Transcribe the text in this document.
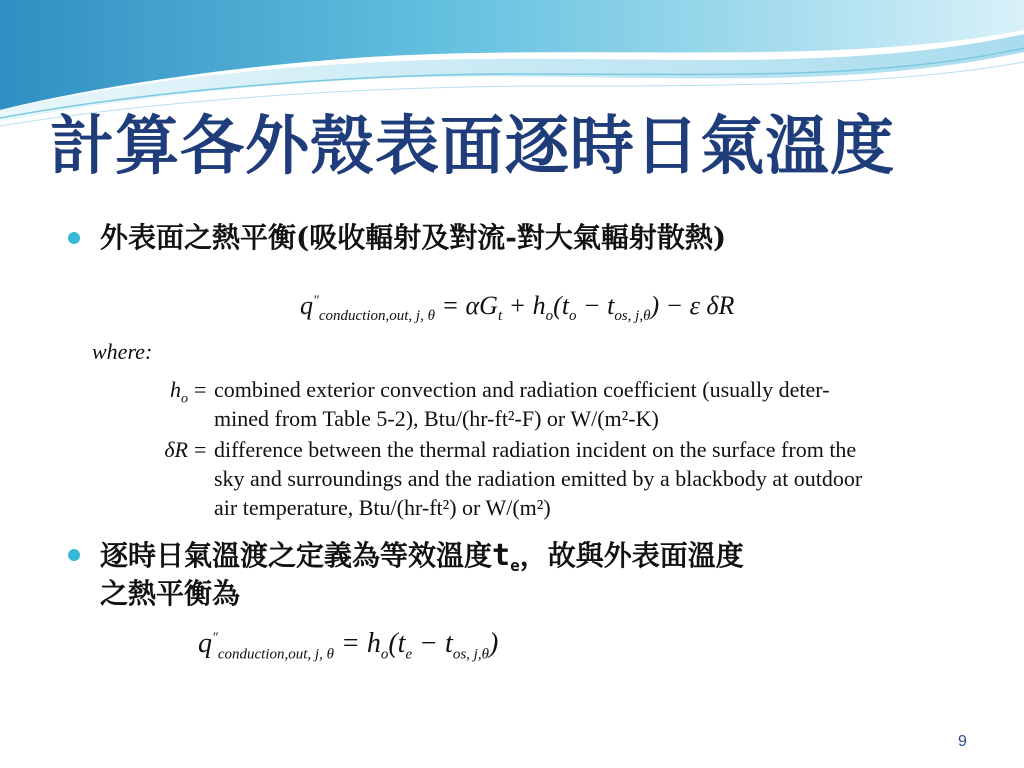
計算各外殼表面逐時日氣溫度
外表面之熱平衡(吸收輻射及對流-對大氣輻射散熱)
$q''_{conduction,out, j, \theta} = \alpha G_t + h_o(t_o - t_{os, j,\theta}) - \varepsilon$ δR
where:
$h_o$ = combined exterior convection and radiation coefficient (usually deter-
mined from Table 5-2), Btu/(hr-ft²-F) or W/(m²-K)
δR = difference between the thermal radiation incident on the surface from the
sky and surroundings and the radiation emitted by a blackbody at outdoor
air temperature, Btu/(hr-ft²) or W/(m²)
逐時日氣溫渡之定義為等效溫度$t_e$，故與外表面溫度
之熱平衡為
$q''_{conduction,out, j, \theta} = h_o(t_e - t_{os, j,\theta})$
9
